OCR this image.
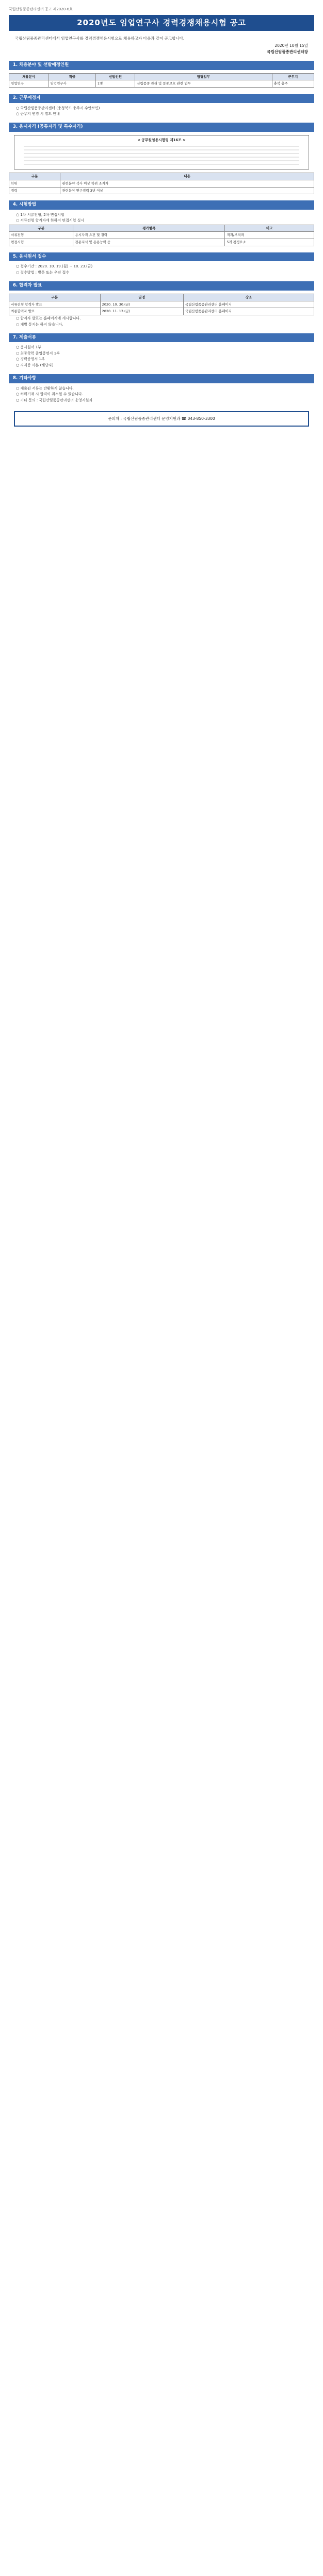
국립산림품종관리센터 공고 제2020-6호
2020년도 임업연구사 경력경쟁채용시험 공고
국립산림품종관리센터에서 임업연구사를 경력경쟁채용시험으로 채용하고자 다음과 같이 공고합니다.
2020년 10월 15일
국립산림품종관리센터장
1. 채용분야 및 선발예정인원
채용분야	직급	선발인원	담당업무	근무지
임업연구	임업연구사	1명	산림품종 관리 및 품종보호 관련 업무	충북 충주
2. 근무예정지
○ 국립산림품종관리센터 (충청북도 충주시 수안보면)
○ 근무지 변경 시 별도 안내
3. 응시자격 (공통자격 및 특수자격)
< 공무원임용시험령 제16조 >
구분	내용
학위	관련분야 석사 이상 학위 소지자
경력	관련분야 연구경력 3년 이상
4. 시험방법
○ 1차 서류전형, 2차 면접시험
○ 서류전형 합격자에 한하여 면접시험 실시
구분	평가항목	비고
서류전형	응시자격 요건 및 경력	적격/부적격
면접시험	전문지식 및 응용능력 등	5개 평정요소
5. 응시원서 접수
○ 접수기간 : 2020. 10. 19.(월) ~ 10. 23.(금)
○ 접수방법 : 방문 또는 우편 접수
6. 합격자 발표
구분	일정	장소
서류전형 합격자 발표	2020. 10. 30.(금)	국립산림품종관리센터 홈페이지
최종합격자 발표	2020. 11. 13.(금)	국립산림품종관리센터 홈페이지
○ 합격자 발표는 홈페이지에 게시합니다.
○ 개별 통지는 하지 않습니다.
7. 제출서류
○ 응시원서 1부
○ 최종학력 졸업증명서 1부
○ 경력증명서 1부
○ 자격증 사본 (해당자)
8. 기타사항
○ 제출된 서류는 반환하지 않습니다.
○ 허위기재 시 합격이 취소될 수 있습니다.
○ 기타 문의 : 국립산림품종관리센터 운영지원과
문의처 : 국립산림품종관리센터 운영지원과 ☎ 043-850-3300
